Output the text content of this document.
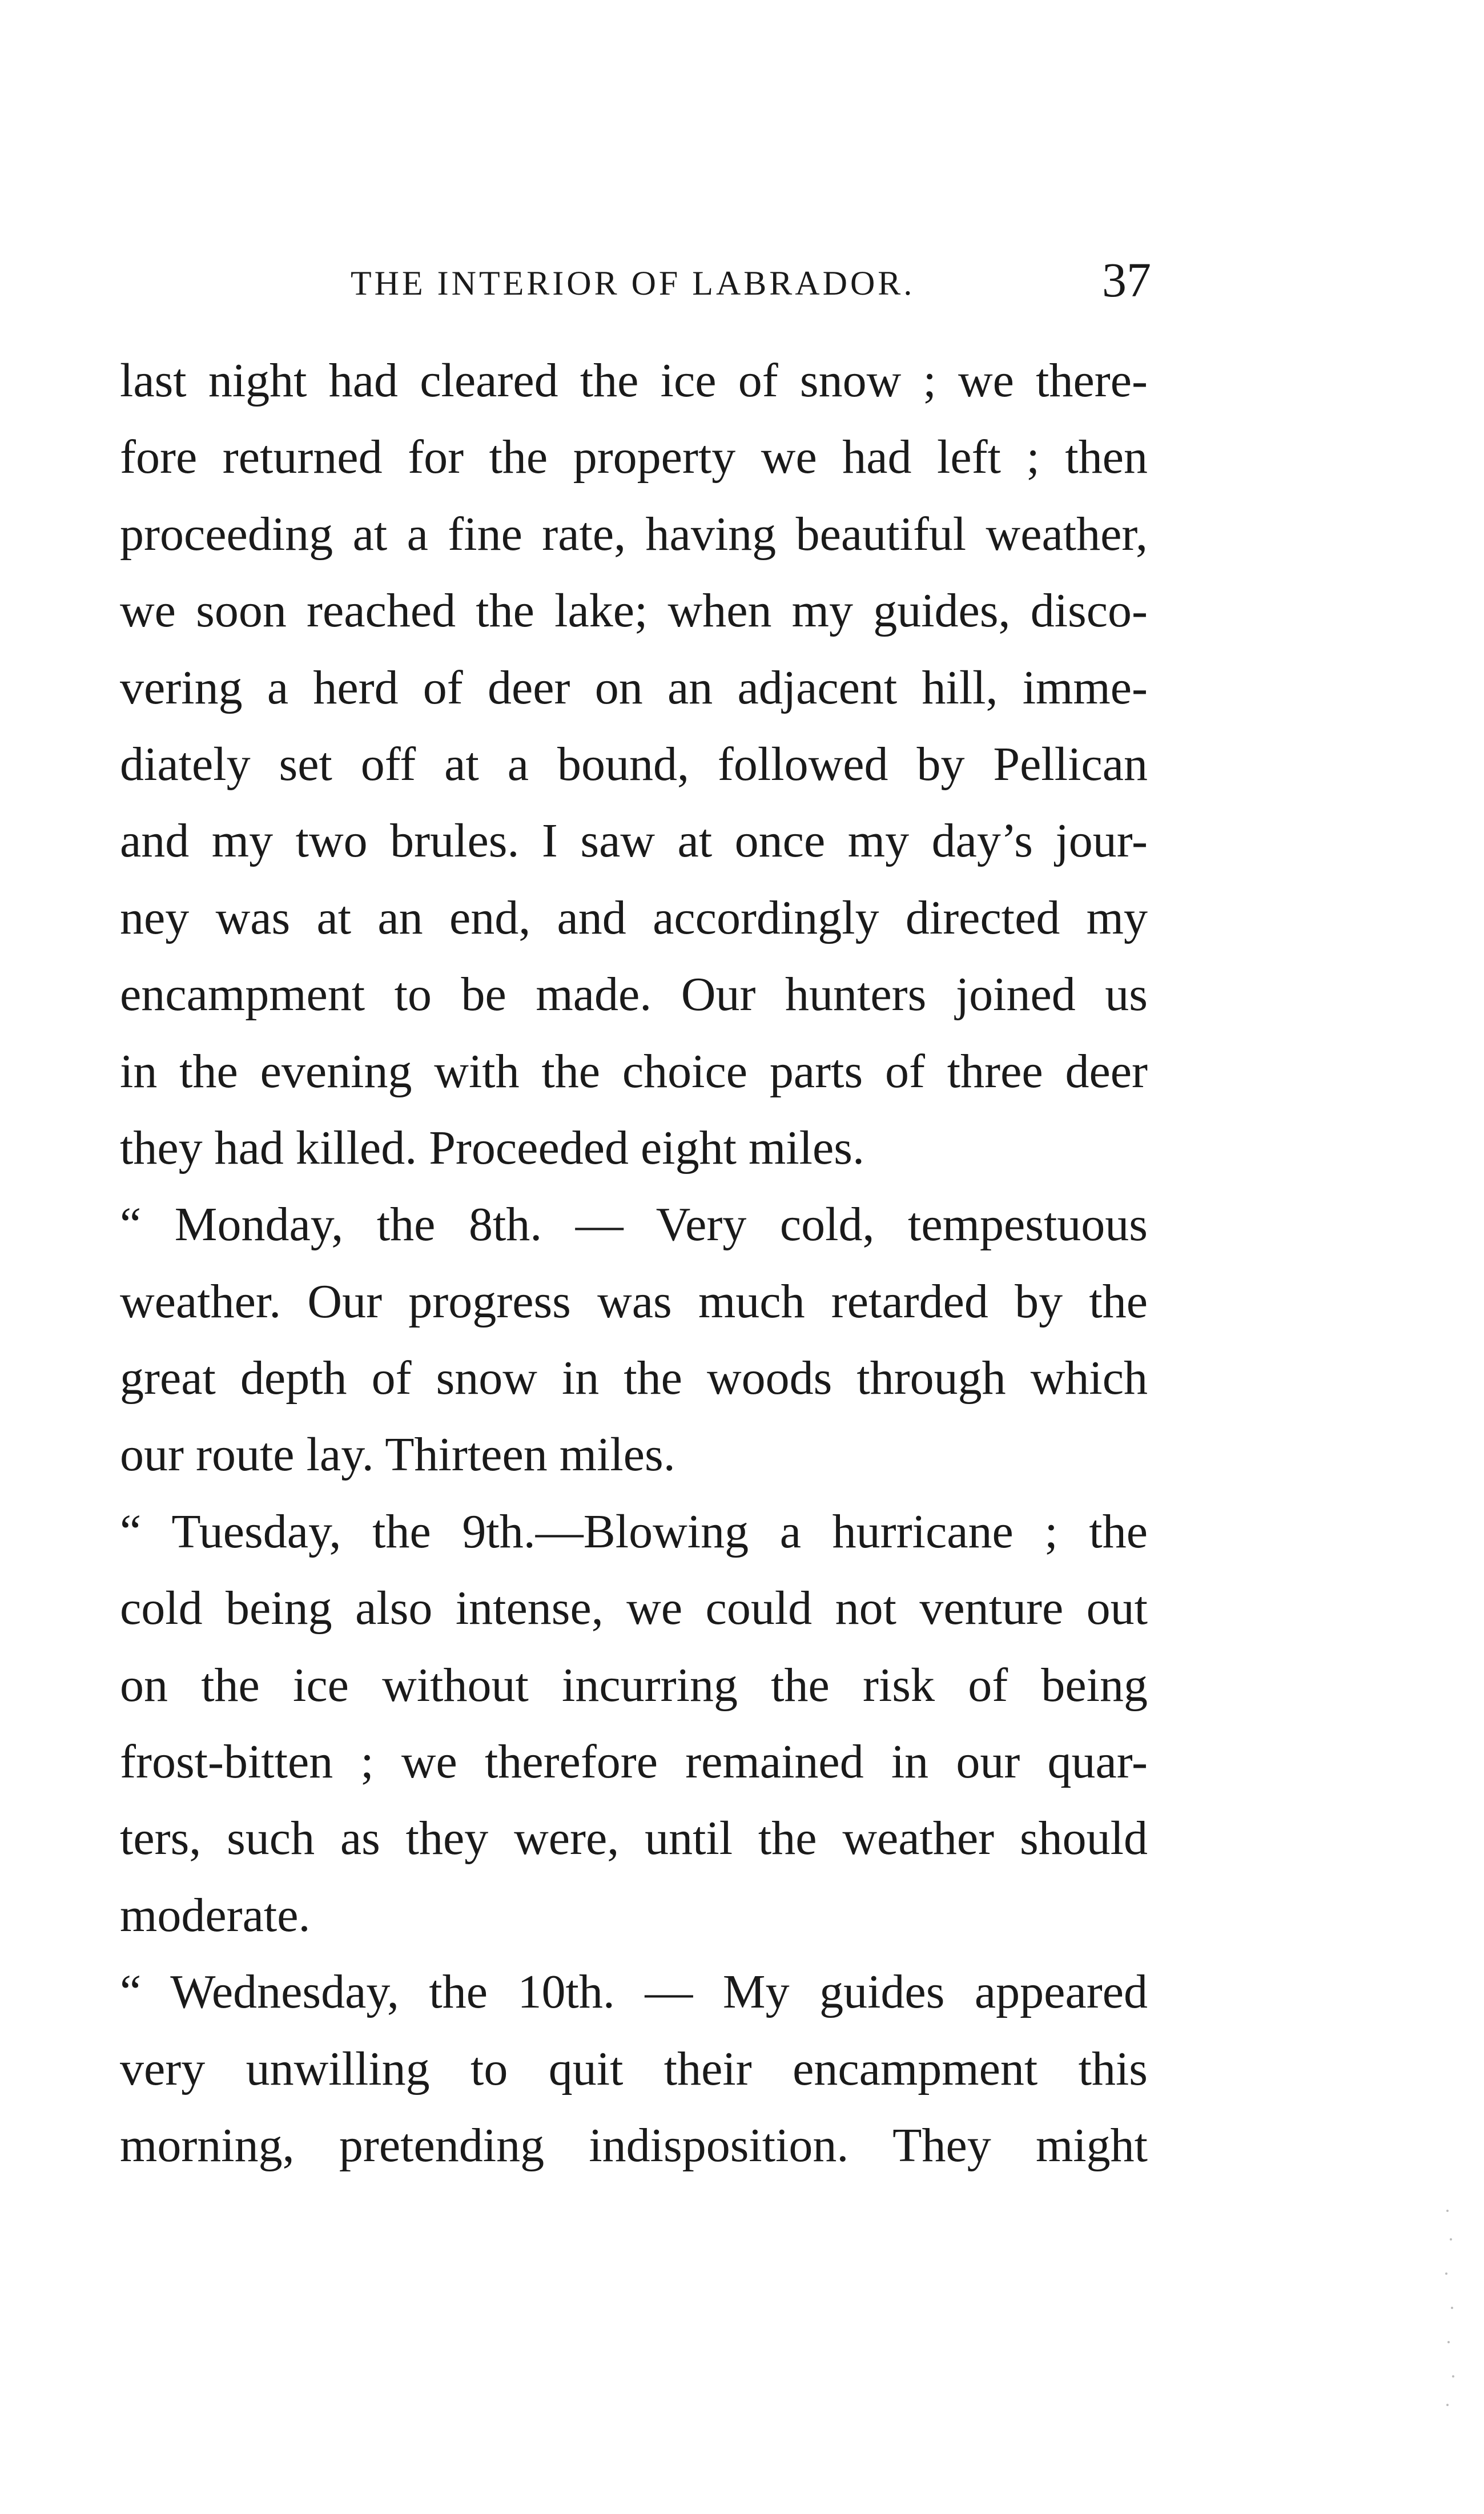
THE INTERIOR OF LABRADOR.	37
last night had cleared the ice of snow ; we there-
fore returned for the property we had left ; then
proceeding at a fine rate, having beautiful weather,
we soon reached the lake; when my guides, disco-
vering a herd of deer on an adjacent hill, imme-
diately set off at a bound, followed by Pellican
and my two brules. I saw at once my day’s jour-
ney was at an end, and accordingly directed my
encampment to be made. Our hunters joined us
in the evening with the choice parts of three deer
they had killed. Proceeded eight miles.
“ Monday, the 8th. — Very cold, tempestuous
weather. Our progress was much retarded by the
great depth of snow in the woods through which
our route lay. Thirteen miles.
“ Tuesday, the 9th.—Blowing a hurricane ; the
cold being also intense, we could not venture out
on the ice without incurring the risk of being
frost-bitten ; we therefore remained in our quar-
ters, such as they were, until the weather should
moderate.
“ Wednesday, the 10th. — My guides appeared
very unwilling to quit their encampment this
morning, pretending indisposition. They might
